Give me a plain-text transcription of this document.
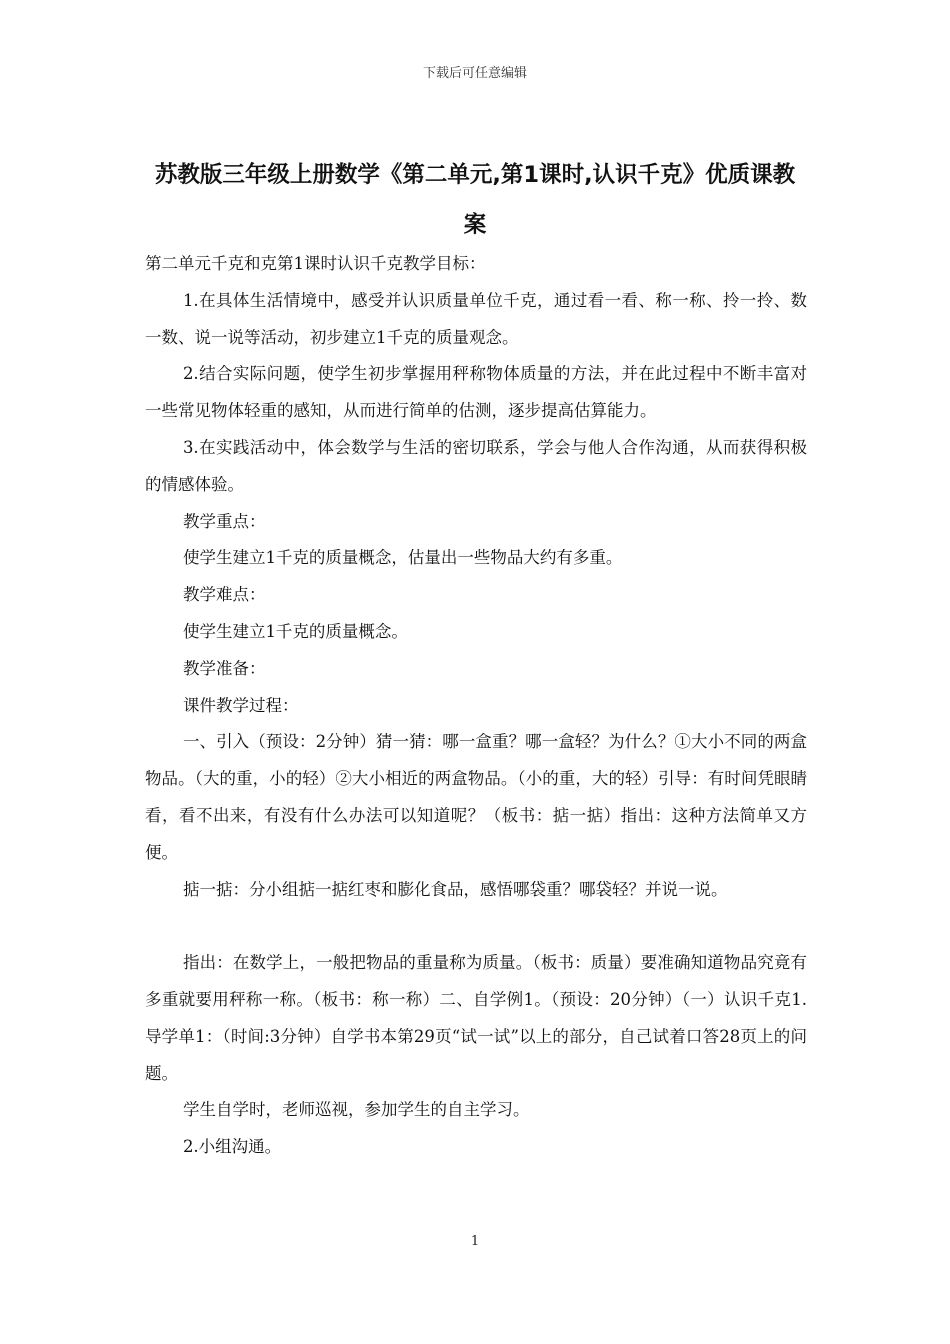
下载后可任意编辑
苏教版三年级上册数学《第二单元,第1课时,认识千克》优质课教案

第二单元千克和克第1课时认识千克教学目标：

1.在具体生活情境中，感受并认识质量单位千克，通过看一看、称一称、拎一拎、数一数、说一说等活动，初步建立1千克的质量观念。

2.结合实际问题，使学生初步掌握用秤称物体质量的方法，并在此过程中不断丰富对一些常见物体轻重的感知，从而进行简单的估测，逐步提高估算能力。

3.在实践活动中，体会数学与生活的密切联系，学会与他人合作沟通，从而获得积极的情感体验。

教学重点：

使学生建立1千克的质量概念，估量出一些物品大约有多重。

教学难点：

使学生建立1千克的质量概念。

教学准备：

课件教学过程：

一、引入（预设：2分钟）猜一猜：哪一盒重？哪一盒轻？为什么？①大小不同的两盒物品。（大的重，小的轻）②大小相近的两盒物品。（小的重，大的轻）引导：有时间凭眼睛看，看不出来，有没有什么办法可以知道呢？（板书：掂一掂）指出：这种方法简单又方便。

掂一掂：分小组掂一掂红枣和膨化食品，感悟哪袋重？哪袋轻？并说一说。

指出：在数学上，一般把物品的重量称为质量。（板书：质量）要准确知道物品究竟有多重就要用秤称一称。（板书：称一称）二、自学例1。（预设：20分钟）（一）认识千克1.导学单1：（时间:3分钟）自学书本第29页“试一试”以上的部分，自己试着口答28页上的问题。

学生自学时，老师巡视，参加学生的自主学习。

2.小组沟通。

1
